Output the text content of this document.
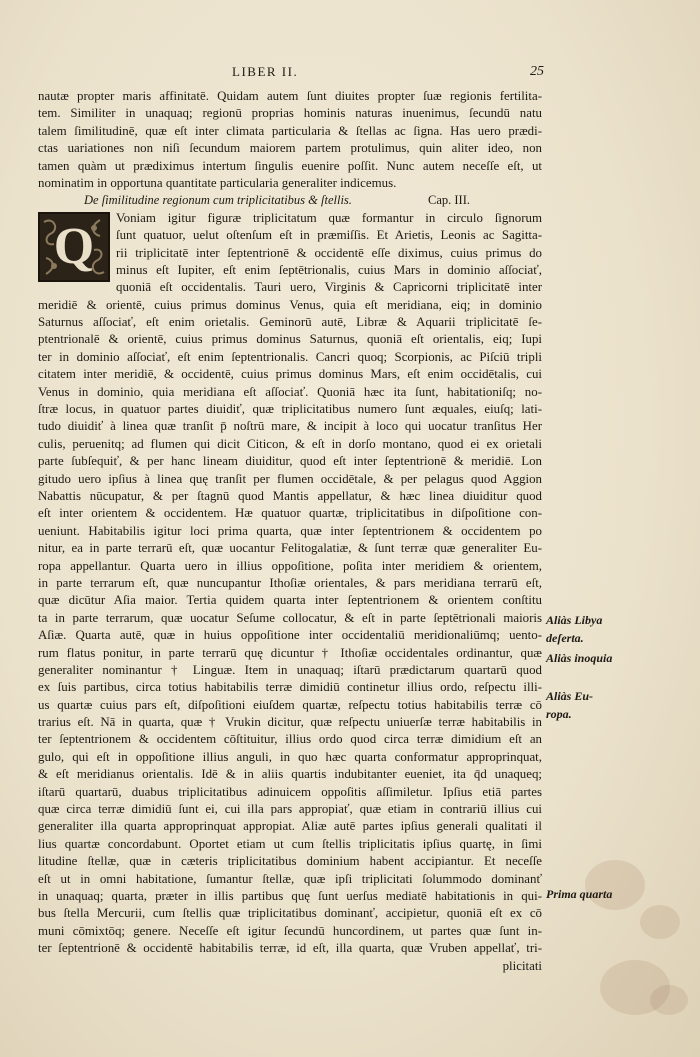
LIBER II.	25
nautæ propter maris affinitatē. Quidam autem ſunt diuites propter ſuæ regionis fertilita-
tem. Similiter in unaquaq; regionū proprias hominis naturas inuenimus, ſecundū natu
talem ſimilitudinē, quæ eſt inter climata particularia & ſtellas ac ſigna. Has uero prædi-
ctas uariationes non niſi ſecundum maiorem partem protulimus, quin aliter ideo, non
tamen quàm ut prædiximus intertum ſingulis euenire poſſit. Nunc autem neceſſe eſt, ut
nominatim in opportuna quantitate particularia generaliter indicemus.
De ſimilitudine regionum cum triplicitatibus & ſtellis.	Cap. III.
Q
Voniam igitur figuræ triplicitatum quæ formantur in circulo ſignorum
ſunt quatuor, uelut oſtenſum eſt in præmiſſis. Et Arietis, Leonis ac Sagitta-
rii triplicitatē inter ſeptentrionē & occidentē eſſe diximus, cuius primus do
minus eſt Iupiter, eſt enim ſeptētrionalis, cuius Mars in dominio aſſociať,
quoniā eſt occidentalis. Tauri uero, Virginis & Capricorni triplicitatē inter
meridiē & orientē, cuius primus dominus Venus, quia eſt meridiana, eiq; in dominio
Saturnus aſſociať, eſt enim orietalis. Geminorū autē, Libræ & Aquarii triplicitatē ſe-
ptentrionalē & orientē, cuius primus dominus Saturnus, quoniā eſt orientalis, eiq; Iupi
ter in dominio aſſociať, eſt enim ſeptentrionalis. Cancri quoq; Scorpionis, ac Piſciū tripli
citatem inter meridiē, & occidentē, cuius primus dominus Mars, eſt enim occidētalis, cui
Venus in dominio, quia meridiana eſt aſſociať. Quoniā hæc ita ſunt, habitationiſq; no-
ſtræ locus, in quatuor partes diuidiť, quæ triplicitatibus numero ſunt æquales, eiuſq; lati-
tudo diuidiť à linea quæ tranſit p̄ noſtrū mare, & incipit à loco qui uocatur tranſitus Her
culis, peruenitq; ad flumen qui dicit Citicon, & eſt in dorſo montano, quod ei ex orietali
parte ſubſequiť, & per hanc lineam diuiditur, quod eſt inter ſeptentrionē & meridiē. Lon
gitudo uero ipſius à linea quę tranſit per flumen occidētale, & per pelagus quod Aggion
Nabattis nūcupatur, & per ſtagnū quod Mantis appellatur, & hæc linea diuiditur quod
eſt inter orientem & occidentem. Hæ quatuor quartæ, triplicitatibus in diſpoſitione con-
ueniunt. Habitabilis igitur loci prima quarta, quæ inter ſeptentrionem & occidentem po
nitur, ea in parte terrarū eſt, quæ uocantur Felitogalatiæ, & ſunt terræ quæ generaliter Eu-
ropa appellantur. Quarta uero in illius oppoſitione, poſita inter meridiem & orientem,
in parte terrarum eſt, quæ nuncupantur Ithoſiæ orientales, & pars meridiana terrarū eſt,
quæ dicūtur Aſia maior. Tertia quidem quarta inter ſeptentrionem & orientem conſtitu
ta in parte terrarum, quæ uocatur Seſume collocatur, & eſt in parte ſeptētrionali maioris
Aſiæ. Quarta autē, quæ in huius oppoſitione inter occidentaliū meridionaliūmq; uento-
rum flatus ponitur, in parte terrarū quę dicuntur † Ithoſiæ occidentales ordinantur, quæ
generaliter nominantur † Linguæ. Item in unaquaq; iſtarū prædictarum quartarū quod
ex ſuis partibus, circa totius habitabilis terræ dimidiū continetur illius ordo, reſpectu illi-
us quartæ cuius pars eſt, diſpoſitioni eiuſdem quartæ, reſpectu totius habitabilis terræ cō
trarius eſt. Nā in quarta, quæ † Vrukin dicitur, quæ reſpectu uniuerſæ terræ habitabilis in
ter ſeptentrionem & occidentem cōſtituitur, illius ordo quod circa terræ dimidium eſt an
gulo, qui eſt in oppoſitione illius anguli, in quo hæc quarta conformatur approprinquat,
& eſt meridianus orientalis. Idē & in aliis quartis indubitanter eueniet, ita q̄d unaqueq;
iſtarū quartarū, duabus triplicitatibus adinuicem oppoſitis aſſimiletur. Ipſius etiā partes
quæ circa terræ dimidiū ſunt ei, cui illa pars appropiať, quæ etiam in contrariū illius cui
generaliter illa quarta approprinquat appropiat. Aliæ autē partes ipſius generali qualitati il
lius quartæ concordabunt. Oportet etiam ut cum ſtellis triplicitatis ipſius quartę, in ſimi
litudine ſtellæ, quæ in cæteris triplicitatibus dominium habent accipiantur. Et neceſſe
eſt ut in omni habitatione, ſumantur ſtellæ, quæ ipſi triplicitati ſolummodo dominanť
in unaquaq; quarta, præter in illis partibus quę ſunt uerſus mediatē habitationis in qui-
bus ſtella Mercurii, cum ſtellis quæ triplicitatibus dominanť, accipietur, quoniā eſt ex cō
muni cōmixtōq; genere. Neceſſe eſt igitur ſecundū huncordinem, ut partes quæ ſunt in-
ter ſeptentrionē & occidentē habitabilis terræ, id eſt, illa quarta, quæ Vruben appellať, tri-
plicitati
Aliàs Libya
deſerta.
Aliàs inoquia
Aliàs Eu-
ropa.
Prima quarta
